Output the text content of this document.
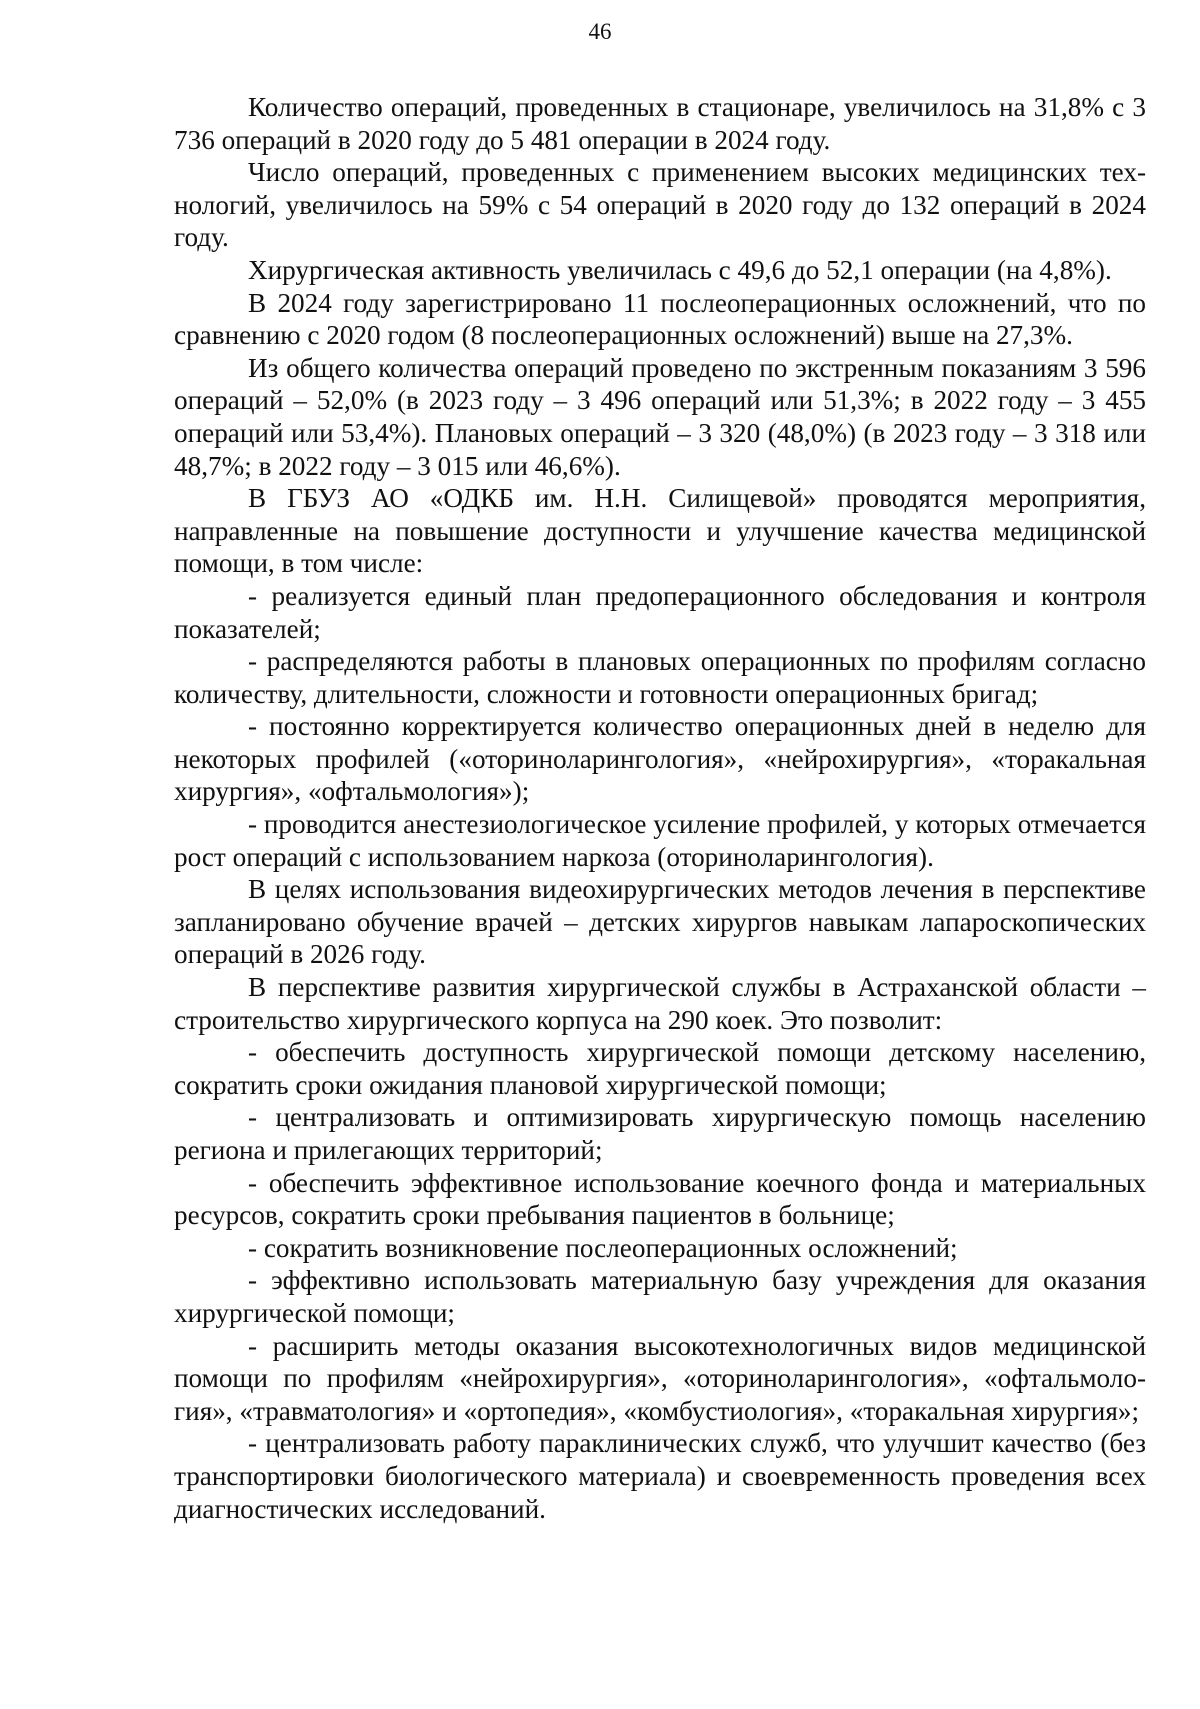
46

Количество операций, проведенных в стационаре, увеличилось на 31,8% с 3 736 операций в 2020 году до 5 481 операции в 2024 году.

Число операций, проведенных с применением высоких медицинских технологий, увеличилось на 59% с 54 операций в 2020 году до 132 операций в 2024 году.

Хирургическая активность увеличилась с 49,6 до 52,1 операции (на 4,8%).

В 2024 году зарегистрировано 11 послеоперационных осложнений, что по сравнению с 2020 годом (8 послеоперационных осложнений) выше на 27,3%.

Из общего количества операций проведено по экстренным показаниям 3 596 операций – 52,0% (в 2023 году – 3 496 операций или 51,3%; в 2022 году – 3 455 операций или 53,4%). Плановых операций – 3 320 (48,0%) (в 2023 году – 3 318 или 48,7%; в 2022 году – 3 015 или 46,6%).

В ГБУЗ АО «ОДКБ им. Н.Н. Силищевой» проводятся мероприятия, направленные на повышение доступности и улучшение качества медицинской помощи, в том числе:

- реализуется единый план предоперационного обследования и контроля показателей;

- распределяются работы в плановых операционных по профилям согласно количеству, длительности, сложности и готовности операционных бригад;

- постоянно корректируется количество операционных дней в неделю для некоторых профилей («оториноларингология», «нейрохирургия», «торакальная хирургия», «офтальмология»);

- проводится анестезиологическое усиление профилей, у которых отмечается рост операций с использованием наркоза (оториноларингология).

В целях использования видеохирургических методов лечения в перспективе запланировано обучение врачей – детских хирургов навыкам лапароскопических операций в 2026 году.

В перспективе развития хирургической службы в Астраханской области – строительство хирургического корпуса на 290 коек. Это позволит:

- обеспечить доступность хирургической помощи детскому населению, сократить сроки ожидания плановой хирургической помощи;

- централизовать и оптимизировать хирургическую помощь населению региона и прилегающих территорий;

- обеспечить эффективное использование коечного фонда и материальных ресурсов, сократить сроки пребывания пациентов в больнице;

- сократить возникновение послеоперационных осложнений;

- эффективно использовать материальную базу учреждения для оказания хирургической помощи;

- расширить методы оказания высокотехнологичных видов медицинской помощи по профилям «нейрохирургия», «оториноларингология», «офтальмология», «травматология» и «ортопедия», «комбустиология», «торакальная хирургия»;

- централизовать работу параклинических служб, что улучшит качество (без транспортировки биологического материала) и своевременность проведения всех диагностических исследований.
